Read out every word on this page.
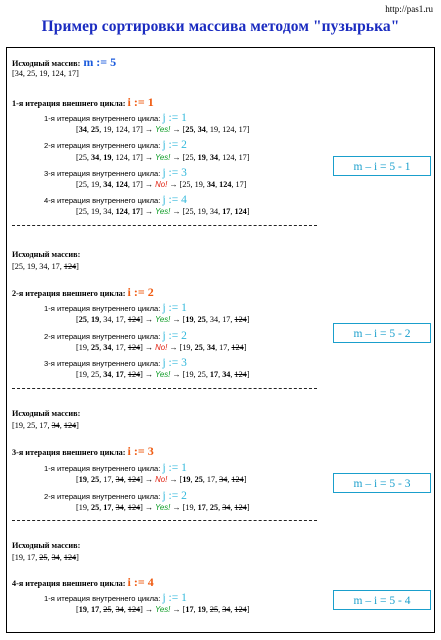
http://pas1.ru
Пример сортировки массива методом "пузырька"
Исходный массив: m := 5
[34, 25, 19, 124, 17]
1-я итерация внешнего цикла: i := 1
1-я итерация внутреннего цикла: j := 1
[34, 25, 19, 124, 17] → Yes! → [25, 34, 19, 124, 17]
2-я итерация внутреннего цикла: j := 2
[25, 34, 19, 124, 17] → Yes! → [25, 19, 34, 124, 17]
3-я итерация внутреннего цикла: j := 3
[25, 19, 34, 124, 17] → No! → [25, 19, 34, 124, 17]
4-я итерация внутреннего цикла: j := 4
[25, 19, 34, 124, 17] → Yes! → [25, 19, 34, 17, 124]
m – i = 5 - 1
Исходный массив:
[25, 19, 34, 17, 124]
2-я итерация внешнего цикла: i := 2
1-я итерация внутреннего цикла: j := 1
[25, 19, 34, 17, 124] → Yes! → [19, 25, 34, 17, 124]
2-я итерация внутреннего цикла: j := 2
[19, 25, 34, 17, 124] → No! → [19, 25, 34, 17, 124]
3-я итерация внутреннего цикла: j := 3
[19, 25, 34, 17, 124] → Yes! → [19, 25, 17, 34, 124]
m – i = 5 - 2
Исходный массив:
[19, 25, 17, 34, 124]
3-я итерация внешнего цикла: i := 3
1-я итерация внутреннего цикла: j := 1
[19, 25, 17, 34, 124] → No! → [19, 25, 17, 34, 124]
2-я итерация внутреннего цикла: j := 2
[19, 25, 17, 34, 124] → Yes! → [19, 17, 25, 34, 124]
m – i = 5 - 3
Исходный массив:
[19, 17, 25, 34, 124]
4-я итерация внешнего цикла: i := 4
1-я итерация внутреннего цикла: j := 1
[19, 17, 25, 34, 124] → Yes! → [17, 19, 25, 34, 124]
m – i = 5 - 4
